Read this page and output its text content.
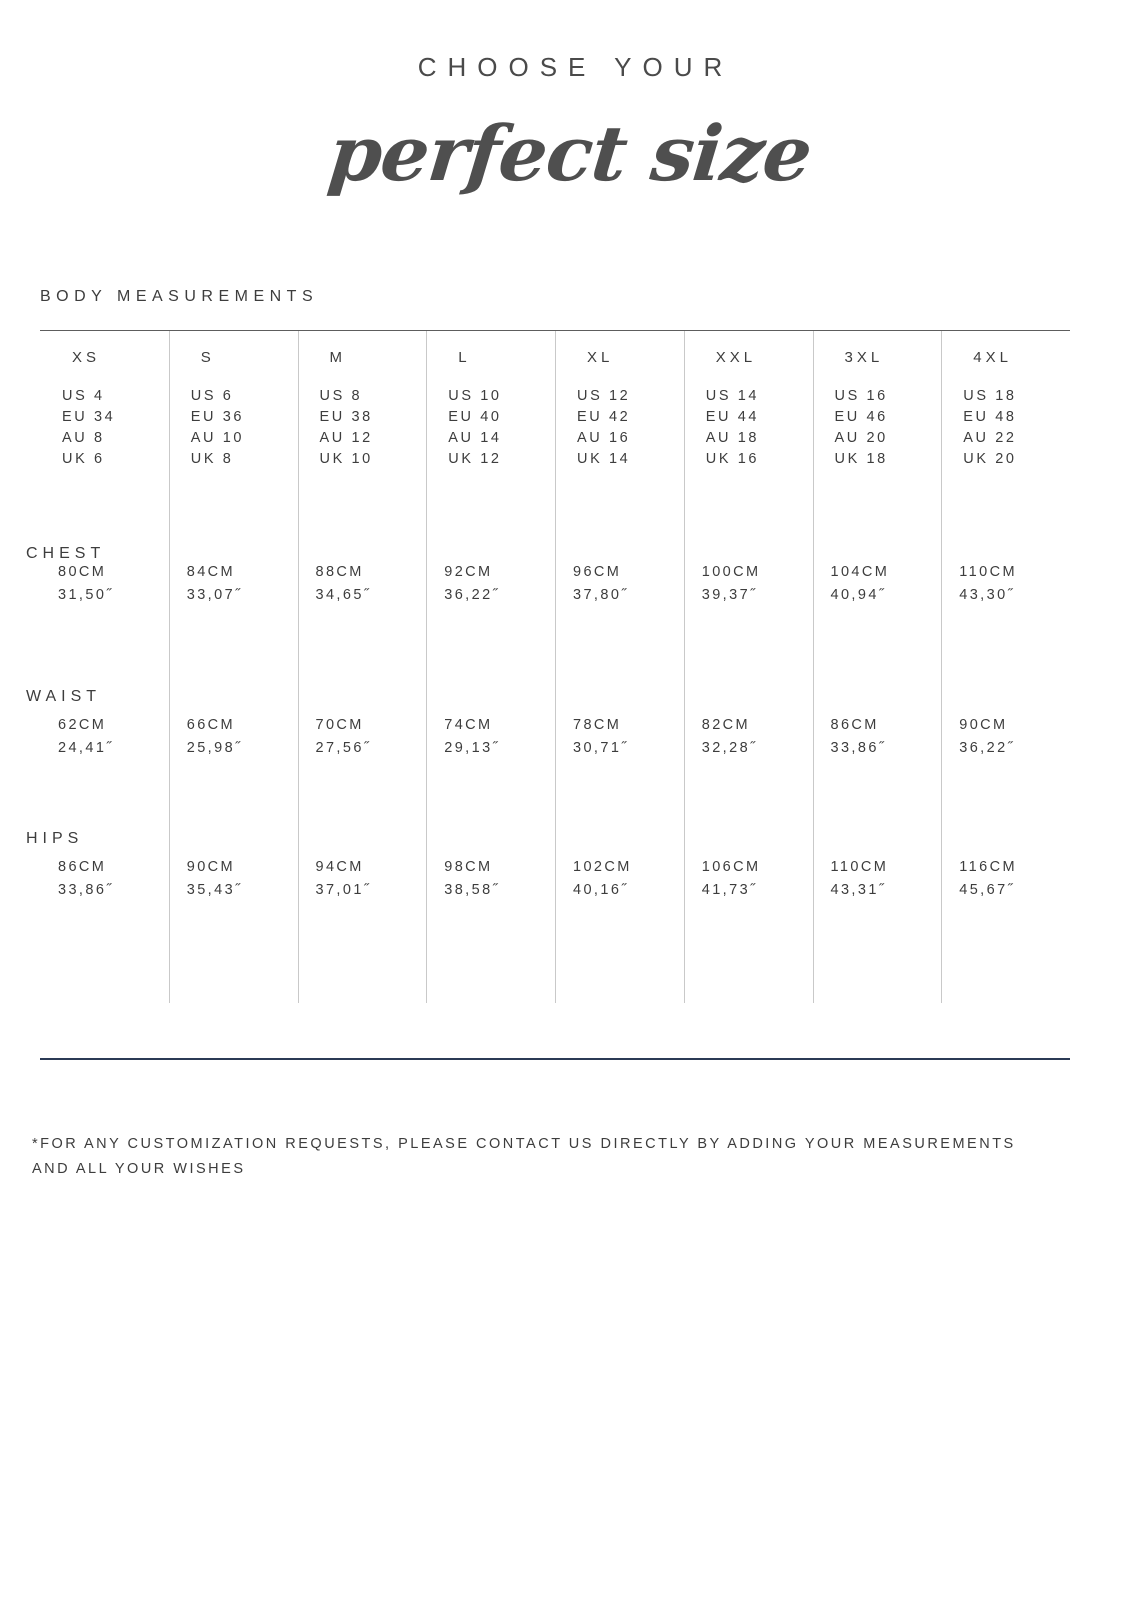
CHOOSE YOUR
perfect size
BODY MEASUREMENTS
XS
US 4
EU 34
AU 8
UK 6
80CM
31,50˝
62CM
24,41˝
86CM
33,86˝
S
US 6
EU 36
AU 10
UK 8
84CM
33,07˝
66CM
25,98˝
90CM
35,43˝
M
US 8
EU 38
AU 12
UK 10
88CM
34,65˝
70CM
27,56˝
94CM
37,01˝
L
US 10
EU 40
AU 14
UK 12
92CM
36,22˝
74CM
29,13˝
98CM
38,58˝
XL
US 12
EU 42
AU 16
UK 14
96CM
37,80˝
78CM
30,71˝
102CM
40,16˝
XXL
US 14
EU 44
AU 18
UK 16
100CM
39,37˝
82CM
32,28˝
106CM
41,73˝
3XL
US 16
EU 46
AU 20
UK 18
104CM
40,94˝
86CM
33,86˝
110CM
43,31˝
4XL
US 18
EU 48
AU 22
UK 20
110CM
43,30˝
90CM
36,22˝
116CM
45,67˝
CHEST
WAIST
HIPS
*FOR ANY CUSTOMIZATION REQUESTS, PLEASE CONTACT US DIRECTLY BY ADDING YOUR MEASUREMENTS AND ALL YOUR WISHES
